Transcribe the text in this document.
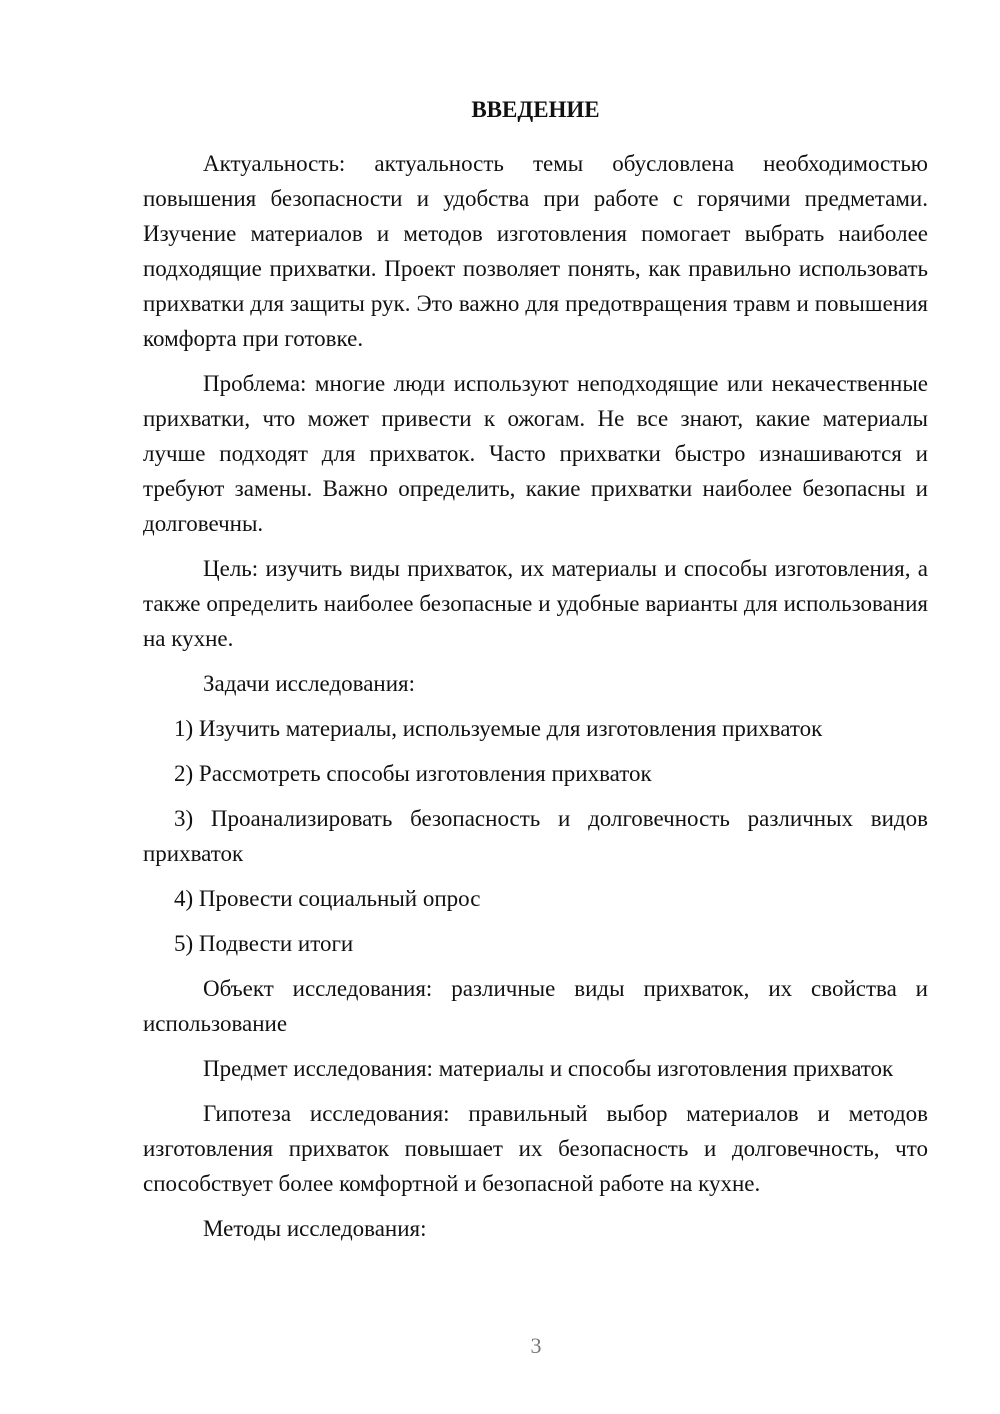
ВВЕДЕНИЕ

Актуальность: актуальность темы обусловлена необходимостью повышения безопасности и удобства при работе с горячими предметами. Изучение материалов и методов изготовления помогает выбрать наиболее подходящие прихватки. Проект позволяет понять, как правильно использовать прихватки для защиты рук. Это важно для предотвращения травм и повышения комфорта при готовке.

Проблема: многие люди используют неподходящие или некачественные прихватки, что может привести к ожогам. Не все знают, какие материалы лучше подходят для прихваток. Часто прихватки быстро изнашиваются и требуют замены. Важно определить, какие прихватки наиболее безопасны и долговечны.

Цель: изучить виды прихваток, их материалы и способы изготовления, а также определить наиболее безопасные и удобные варианты для использования на кухне.

Задачи исследования:

1) Изучить материалы, используемые для изготовления прихваток

2) Рассмотреть способы изготовления прихваток

3) Проанализировать безопасность и долговечность различных видов прихваток

4) Провести социальный опрос

5) Подвести итоги

Объект исследования: различные виды прихваток, их свойства и использование

Предмет исследования: материалы и способы изготовления прихваток

Гипотеза исследования: правильный выбор материалов и методов изготовления прихваток повышает их безопасность и долговечность, что способствует более комфортной и безопасной работе на кухне.

Методы исследования:

3
